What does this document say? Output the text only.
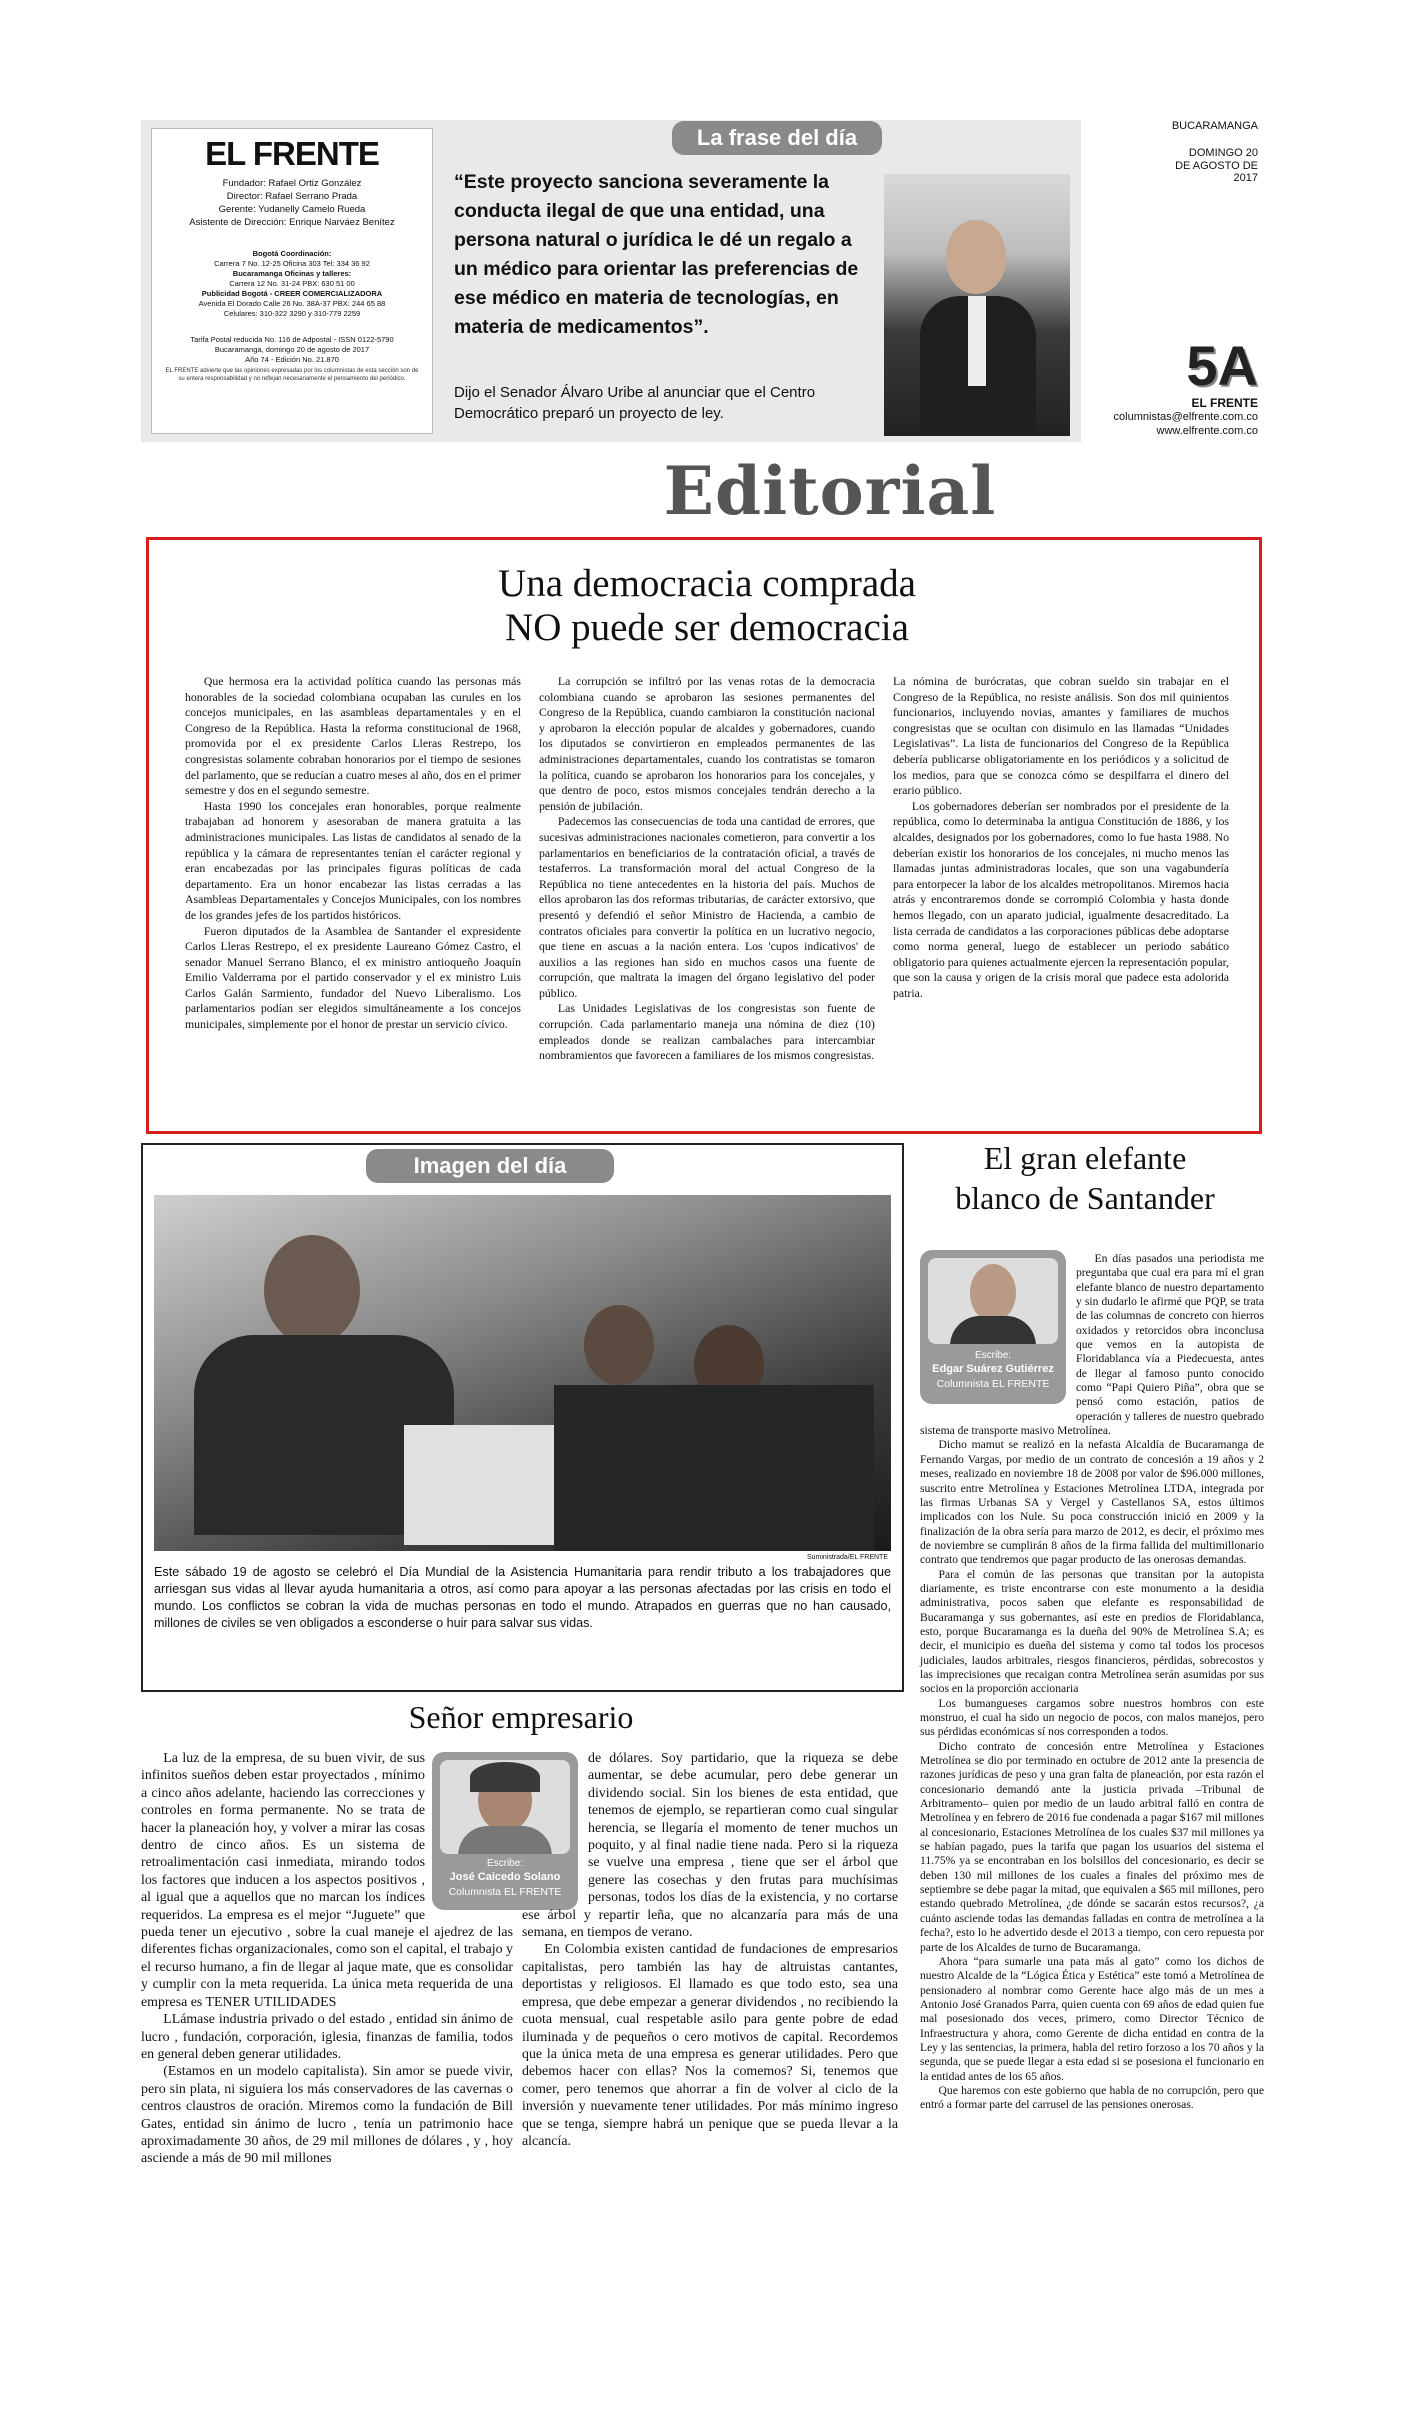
EL FRENTE
Fundador: Rafael Ortiz González
Director: Rafael Serrano Prada
Gerente: Yudanelly Camelo Rueda
Asistente de Dirección: Enrique Narváez Benítez
Bogotá Coordinación:
Carrera 7 No. 12-25 Oficina 303 Tel: 334 36 92
Bucaramanga Oficinas y talleres:
Carrera 12 No. 31-24 PBX: 630 51 00
Publicidad Bogotá - CREER COMERCIALIZADORA
Avenida El Dorado Calle 26 No. 38A-37 PBX: 244 65 88
Celulares: 310-322 3290 y 310-779 2259
Tarifa Postal reducida No. 116 de Adpostal - ISSN 0122-5790
Bucaramanga, domingo 20 de agosto de 2017
Año 74 - Edición No. 21.870
EL FRENTE advierte que las opiniones expresadas por los columnistas de esta sección son de su entera responsabilidad y no reflejan necesariamente el pensamiento del periódico.
La frase del día
“Este proyecto sanciona severamente la conducta ilegal de que una entidad, una persona natural o jurídica le dé un regalo a un médico para orientar las preferencias de ese médico en materia de tecnologías, en materia de medicamentos”.
Dijo el Senador Álvaro Uribe al anunciar que el Centro Democrático preparó un proyecto de ley.
BUCARAMANGA
DOMINGO 20
DE AGOSTO DE 2017
5A
EL FRENTE
columnistas@elfrente.com.co
www.elfrente.com.co
Editorial
Una democracia comprada
NO puede ser democracia

Que hermosa era la actividad política cuando las personas más honorables de la sociedad colombiana ocupaban las curules en los concejos municipales, en las asambleas departamentales y en el Congreso de la República. Hasta la reforma constitucional de 1968, promovida por el ex presidente Carlos Lleras Restrepo, los congresistas solamente cobraban honorarios por el tiempo de sesiones del parlamento, que se reducían a cuatro meses al año, dos en el primer semestre y dos en el segundo semestre.

Hasta 1990 los concejales eran honorables, porque realmente trabajaban ad honorem y asesoraban de manera gratuita a las administraciones municipales. Las listas de candidatos al senado de la república y la cámara de representantes tenían el carácter regional y eran encabezadas por las principales figuras políticas de cada departamento. Era un honor encabezar las listas cerradas a las Asambleas Departamentales y Concejos Municipales, con los nombres de los grandes jefes de los partidos históricos.

Fueron diputados de la Asamblea de Santander el expresidente Carlos Lleras Restrepo, el ex presidente Laureano Gómez Castro, el senador Manuel Serrano Blanco, el ex ministro antioqueño Joaquín Emilio Valderrama por el partido conservador y el ex ministro Luis Carlos Galán Sarmiento, fundador del Nuevo Liberalismo. Los parlamentarios podían ser elegidos simultáneamente a los concejos municipales, simplemente por el honor de prestar un servicio cívico.

La corrupción se infiltró por las venas rotas de la democracia colombiana cuando se aprobaron las sesiones permanentes del Congreso de la República, cuando cambiaron la constitución nacional y aprobaron la elección popular de alcaldes y gobernadores, cuando los diputados se convirtieron en empleados permanentes de las administraciones departamentales, cuando los contratistas se tomaron la política, cuando se aprobaron los honorarios para los concejales, y que dentro de poco, estos mismos concejales tendrán derecho a la pensión de jubilación.

Padecemos las consecuencias de toda una cantidad de errores, que sucesivas administraciones nacionales cometieron, para convertir a los parlamentarios en beneficiarios de la contratación oficial, a través de testaferros. La transformación moral del actual Congreso de la República no tiene antecedentes en la historia del país. Muchos de ellos aprobaron las dos reformas tributarias, de carácter extorsivo, que presentó y defendió el señor Ministro de Hacienda, a cambio de contratos oficiales para convertir la política en un lucrativo negocio, que tiene en ascuas a la nación entera. Los 'cupos indicativos' de auxilios a las regiones han sido en muchos casos una fuente de corrupción, que maltrata la imagen del órgano legislativo del poder público.

Las Unidades Legislativas de los congresistas son fuente de corrupción. Cada parlamentario maneja una nómina de diez (10) empleados donde se realizan cambalaches para intercambiar nombramientos que favorecen a familiares de los mismos congresistas.

La nómina de burócratas, que cobran sueldo sin trabajar en el Congreso de la República, no resiste análisis. Son dos mil quinientos funcionarios, incluyendo novias, amantes y familiares de muchos congresistas que se ocultan con disimulo en las llamadas “Unidades Legislativas”. La lista de funcionarios del Congreso de la República debería publicarse obligatoriamente en los periódicos y a solicitud de los medios, para que se conozca cómo se despilfarra el dinero del erario público.

Los gobernadores deberían ser nombrados por el presidente de la república, como lo determinaba la antigua Constitución de 1886, y los alcaldes, designados por los gobernadores, como lo fue hasta 1988. No deberían existir los honorarios de los concejales, ni mucho menos las llamadas juntas administradoras locales, que son una vagabundería para entorpecer la labor de los alcaldes metropolitanos. Miremos hacia atrás y encontraremos donde se corrompió Colombia y hasta donde hemos llegado, con un aparato judicial, igualmente desacreditado. La lista cerrada de candidatos a las corporaciones públicas debe adoptarse como norma general, luego de establecer un periodo sabático obligatorio para quienes actualmente ejercen la representación popular, que son la causa y origen de la crisis moral que padece esta adolorida patria.

Imagen del día
Suministrada/EL FRENTE
Este sábado 19 de agosto se celebró el Día Mundial de la Asistencia Humanitaria para rendir tributo a los trabajadores que arriesgan sus vidas al llevar ayuda humanitaria a otros, así como para apoyar a las personas afectadas por las crisis en todo el mundo. Los conflictos se cobran la vida de muchas personas en todo el mundo. Atrapados en guerras que no han causado, millones de civiles se ven obligados a esconderse o huir para salvar sus vidas.
El gran elefante
blanco de Santander
Escribe:
Edgar Suárez Gutiérrez
Columnista EL FRENTE

En días pasados una periodista me preguntaba que cual era para mí el gran elefante blanco de nuestro departamento y sin dudarlo le afirmé que PQP, se trata de las columnas de concreto con hierros oxidados y retorcidos obra inconclusa que vemos en la autopista de Floridablanca vía a Piedecuesta, antes de llegar al famoso punto conocido como “Papi Quiero Piña”, obra que se pensó como estación, patios de operación y talleres de nuestro quebrado sistema de transporte masivo Metrolínea.

Dicho mamut se realizó en la nefasta Alcaldía de Bucaramanga de Fernando Vargas, por medio de un contrato de concesión a 19 años y 2 meses, realizado en noviembre 18 de 2008 por valor de $96.000 millones, suscrito entre Metrolínea y Estaciones Metrolínea LTDA, integrada por las firmas Urbanas SA y Vergel y Castellanos SA, estos últimos implicados con los Nule. Su poca construcción inició en 2009 y la finalización de la obra sería para marzo de 2012, es decir, el próximo mes de noviembre se cumplirán 8 años de la firma fallida del multimillonario contrato que tendremos que pagar producto de las onerosas demandas.

Para el común de las personas que transitan por la autopista diariamente, es triste encontrarse con este monumento a la desidia administrativa, pocos saben que elefante es responsabilidad de Bucaramanga y sus gobernantes, así este en predios de Floridablanca, esto, porque Bucaramanga es la dueña del 90% de Metrolínea S.A; es decir, el municipio es dueña del sistema y como tal todos los procesos judiciales, laudos arbitrales, riesgos financieros, pérdidas, sobrecostos y las imprecisiones que recaigan contra Metrolínea serán asumidas por sus socios en la proporción accionaria

Los bumangueses cargamos sobre nuestros hombros con este monstruo, el cual ha sido un negocio de pocos, con malos manejos, pero sus pérdidas económicas sí nos corresponden a todos.

Dicho contrato de concesión entre Metrolínea y Estaciones Metrolínea se dio por terminado en octubre de 2012 ante la presencia de razones jurídicas de peso y una gran falta de planeación, por esta razón el concesionario demandó ante la justicia privada –Tribunal de Arbitramento– quien por medio de un laudo arbitral falló en contra de Metrolínea y en febrero de 2016 fue condenada a pagar $167 mil millones al concesionario, Estaciones Metrolínea de los cuales $37 mil millones ya se habían pagado, pues la tarifa que pagan los usuarios del sistema el 11.75% ya se encontraban en los bolsillos del concesionario, es decir se deben 130 mil millones de los cuales a finales del próximo mes de septiembre se debe pagar la mitad, que equivalen a $65 mil millones, pero estando quebrado Metrolínea, ¿de dónde se sacarán estos recursos?, ¿a cuánto asciende todas las demandas falladas en contra de metrolínea a la fecha?, esto lo he advertido desde el 2013 a tiempo, con cero repuesta por parte de los Alcaldes de turno de Bucaramanga.

Ahora “para sumarle una pata más al gato” como los dichos de nuestro Alcalde de la “Lógica Ética y Estética” este tomó a Metrolínea de pensionadero al nombrar como Gerente hace algo más de un mes a Antonio José Granados Parra, quien cuenta con 69 años de edad quien fue mal posesionado dos veces, primero, como Director Técnico de Infraestructura y ahora, como Gerente de dicha entidad en contra de la Ley y las sentencias, la primera, habla del retiro forzoso a los 70 años y la segunda, que se puede llegar a esta edad si se posesiona el funcionario en la entidad antes de los 65 años.

Que haremos con este gobierno que habla de no corrupción, pero que entró a formar parte del carrusel de las pensiones onerosas.

Señor empresario

La luz de la empresa, de su buen vivir, de sus infinitos sueños deben estar proyectados , mínimo a cinco años adelante, haciendo las correcciones y controles en forma permanente. No se trata de hacer la planeación hoy, y volver a mirar las cosas dentro de cinco años. Es un sistema de retroalimentación casi inmediata, mirando todos los factores que inducen a los aspectos positivos , al igual que a aquellos que no marcan los índices requeridos. La empresa es el mejor “Juguete” que pueda tener un ejecutivo , sobre la cual maneje el ajedrez de las diferentes fichas organizacionales, como son el capital, el trabajo y el recurso humano, a fin de llegar al jaque mate, que es consolidar y cumplir con la meta requerida. La única meta requerida de una empresa es TENER UTILIDADES

LLámase industria privado o del estado , entidad sin ánimo de lucro , fundación, corporación, iglesia, finanzas de familia, todos en general deben generar utilidades.

(Estamos en un modelo capitalista). Sin amor se puede vivir, pero sin plata, ni siguiera los más conservadores de las cavernas o centros claustros de oración. Miremos como la fundación de Bill Gates, entidad sin ánimo de lucro , tenía un patrimonio hace aproximadamente 30 años, de 29 mil millones de dólares , y , hoy asciende a más de 90 mil millones

Escribe:
José Caicedo Solano
Columnista EL FRENTE

de dólares. Soy partidario, que la riqueza se debe aumentar, se debe acumular, pero debe generar un dividendo social. Sin los bienes de esta entidad, que tenemos de ejemplo, se repartieran como cual singular herencia, se llegaría el momento de tener muchos un poquito, y al final nadie tiene nada. Pero si la riqueza se vuelve una empresa , tiene que ser el árbol que genere las cosechas y den frutas para muchísimas personas, todos los días de la existencia, y no cortarse ese árbol y repartir leña, que no alcanzaría para más de una semana, en tiempos de verano.

En Colombia existen cantidad de fundaciones de empresarios capitalistas, pero también las hay de altruistas cantantes, deportistas y religiosos. El llamado es que todo esto, sea una empresa, que debe empezar a generar dividendos , no recibiendo la cuota mensual, cual respetable asilo para gente pobre de edad iluminada y de pequeños o cero motivos de capital. Recordemos que la única meta de una empresa es generar utilidades. Pero que debemos hacer con ellas? Nos la comemos? Si, tenemos que comer, pero tenemos que ahorrar a fin de volver al ciclo de la inversión y nuevamente tener utilidades. Por más mínimo ingreso que se tenga, siempre habrá un penique que se pueda llevar a la alcancía.
